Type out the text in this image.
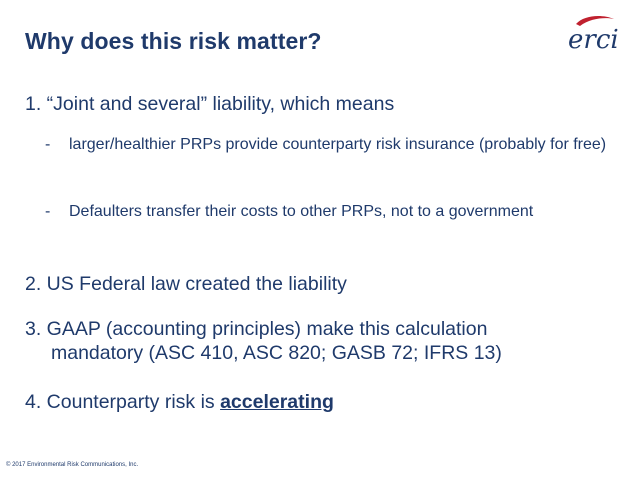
Why does this risk matter?	erci
1. “Joint and several” liability, which means
- larger/healthier PRPs provide counterparty risk insurance (probably for free)
- Defaulters transfer their costs to other PRPs, not to a government
2. US Federal law created the liability
3. GAAP (accounting principles) make this calculation
mandatory (ASC 410, ASC 820; GASB 72; IFRS 13)
4. Counterparty risk is accelerating
© 2017 Environmental Risk Communications, Inc.
